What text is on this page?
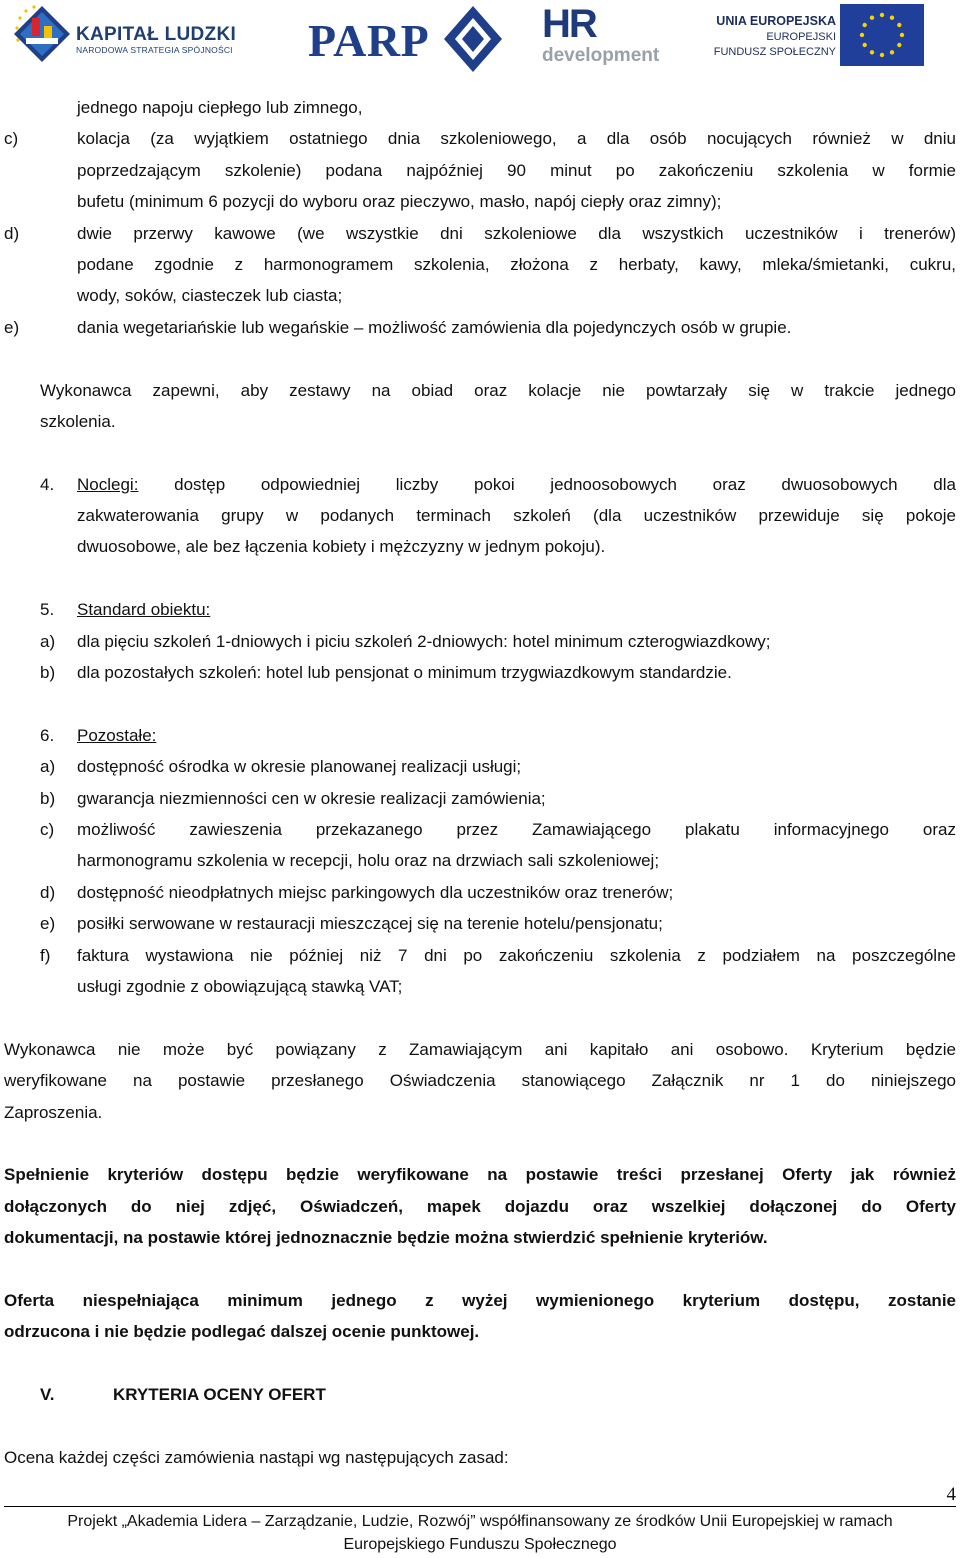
KAPITAŁ LUDZKI
NARODOWA STRATEGIA SPÓJNOŚCI PARP	HR
development
UNIA EUROPEJSKA
EUROPEJSKI
FUNDUSZ SPOŁECZNY
jednego napoju ciepłego lub zimnego,
c)	kolacja (za wyjątkiem ostatniego dnia szkoleniowego, a dla osób nocujących również w dniu
poprzedzającym szkolenie) podana najpóźniej 90 minut po zakończeniu szkolenia w formie
bufetu (minimum 6 pozycji do wyboru oraz pieczywo, masło, napój ciepły oraz zimny);
d)	dwie przerwy kawowe (we wszystkie dni szkoleniowe dla wszystkich uczestników i trenerów)
podane zgodnie z harmonogramem szkolenia, złożona z herbaty, kawy, mleka/śmietanki, cukru,
wody, soków, ciasteczek lub ciasta;
e)	dania wegetariańskie lub wegańskie – możliwość zamówienia dla pojedynczych osób w grupie.
Wykonawca zapewni, aby zestawy na obiad oraz kolacje nie powtarzały się w trakcie jednego
szkolenia.
4. Noclegi: dostęp odpowiedniej liczby pokoi jednoosobowych oraz dwuosobowych dla
zakwaterowania grupy w podanych terminach szkoleń (dla uczestników przewiduje się pokoje
dwuosobowe, ale bez łączenia kobiety i mężczyzny w jednym pokoju).
5.	Standard obiektu:
a)	dla pięciu szkoleń 1-dniowych i piciu szkoleń 2-dniowych: hotel minimum czterogwiazdkowy;
b)	dla pozostałych szkoleń: hotel lub pensjonat o minimum trzygwiazdkowym standardzie.
6.	Pozostałe:
a)	dostępność ośrodka w okresie planowanej realizacji usługi;
b)	gwarancja niezmienności cen w okresie realizacji zamówienia;
c) możliwość zawieszenia przekazanego przez Zamawiającego plakatu informacyjnego oraz
harmonogramu szkolenia w recepcji, holu oraz na drzwiach sali szkoleniowej;
d)	dostępność nieodpłatnych miejsc parkingowych dla uczestników oraz trenerów;
e)	posiłki serwowane w restauracji mieszczącej się na terenie hotelu/pensjonatu;
f) faktura wystawiona nie później niż 7 dni po zakończeniu szkolenia z podziałem na poszczególne
usługi zgodnie z obowiązującą stawką VAT;
Wykonawca nie może być powiązany z Zamawiającym ani kapitało ani osobowo. Kryterium będzie
weryfikowane na postawie przesłanego Oświadczenia stanowiącego Załącznik nr 1 do niniejszego
Zaproszenia.
Spełnienie kryteriów dostępu będzie weryfikowane na postawie treści przesłanej Oferty jak również
dołączonych do niej zdjęć, Oświadczeń, mapek dojazdu oraz wszelkiej dołączonej do Oferty
dokumentacji, na postawie której jednoznacznie będzie można stwierdzić spełnienie kryteriów.
Oferta niespełniająca minimum jednego z wyżej wymienionego kryterium dostępu, zostanie
odrzucona i nie będzie podlegać dalszej ocenie punktowej.
V.	KRYTERIA OCENY OFERT
Ocena każdej części zamówienia nastąpi wg następujących zasad:
4
Projekt „Akademia Lidera – Zarządzanie, Ludzie, Rozwój” współfinansowany ze środków Unii Europejskiej w ramach
Europejskiego Funduszu Społecznego
